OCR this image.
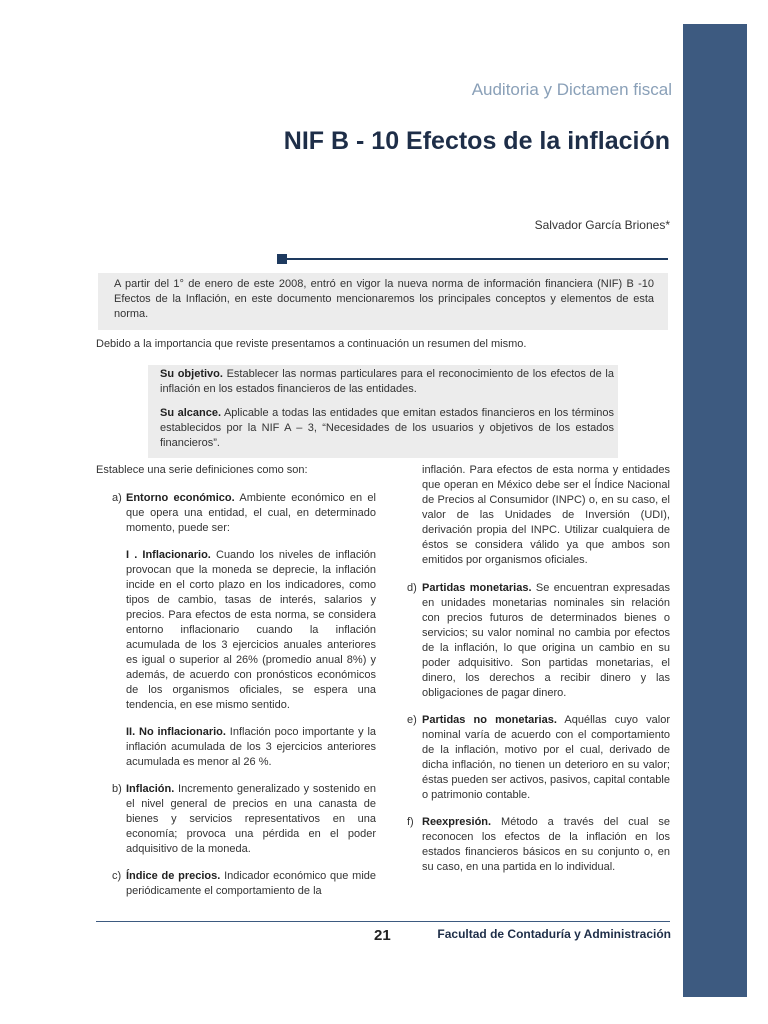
Auditoria y Dictamen fiscal
NIF B - 10 Efectos de la inflación
Salvador García Briones*
A partir del 1° de enero de este 2008, entró en vigor la nueva norma de información financiera (NIF) B -10 Efectos de la Inflación, en este documento mencionaremos los principales conceptos y elementos de esta norma.
Debido a la importancia que reviste presentamos a continuación un resumen del mismo.

Su objetivo. Establecer las normas particulares para el reconocimiento de los efectos de la inflación en los estados financieros de las entidades.

Su alcance. Aplicable a todas las entidades que emitan estados financieros en los términos establecidos por la NIF A – 3, “Necesidades de los usuarios y objetivos de los estados financieros”.

Establece una serie definiciones como son:

a) Entorno económico. Ambiente económico en el que opera una entidad, el cual, en determinado momento, puede ser:
I . Inflacionario. Cuando los niveles de inflación provocan que la moneda se deprecie, la inflación incide en el corto plazo en los indicadores, como tipos de cambio, tasas de interés, salarios y precios. Para efectos de esta norma, se considera entorno inflacionario cuando la inflación acumulada de los 3 ejercicios anuales anteriores es igual o superior al 26% (promedio anual 8%) y además, de acuerdo con pronósticos económicos de los organismos oficiales, se espera una tendencia, en ese mismo sentido.
II. No inflacionario. Inflación poco importante y la inflación acumulada de los 3 ejercicios anteriores acumulada es menor al 26 %.
b) Inflación. Incremento generalizado y sostenido en el nivel general de precios en una canasta de bienes y servicios representativos en una economía; provoca una pérdida en el poder adquisitivo de la moneda.
c) Índice de precios. Indicador económico que mide periódicamente el comportamiento de la

inflación. Para efectos de esta norma y entidades que operan en México debe ser el Índice Nacional de Precios al Consumidor (INPC) o, en su caso, el valor de las Unidades de Inversión (UDI), derivación propia del INPC. Utilizar cualquiera de éstos se considera válido ya que ambos son emitidos por organismos oficiales.

d) Partidas monetarias. Se encuentran expresadas en unidades monetarias nominales sin relación con precios futuros de determinados bienes o servicios; su valor nominal no cambia por efectos de la inflación, lo que origina un cambio en su poder adquisitivo. Son partidas monetarias, el dinero, los derechos a recibir dinero y las obligaciones de pagar dinero.
e) Partidas no monetarias. Aquéllas cuyo valor nominal varía de acuerdo con el comportamiento de la inflación, motivo por el cual, derivado de dicha inflación, no tienen un deterioro en su valor; éstas pueden ser activos, pasivos, capital contable o patrimonio contable.
f) Reexpresión. Método a través del cual se reconocen los efectos de la inflación en los estados financieros básicos en su conjunto o, en su caso, en una partida en lo individual.
21	Facultad de Contaduría y Administración
